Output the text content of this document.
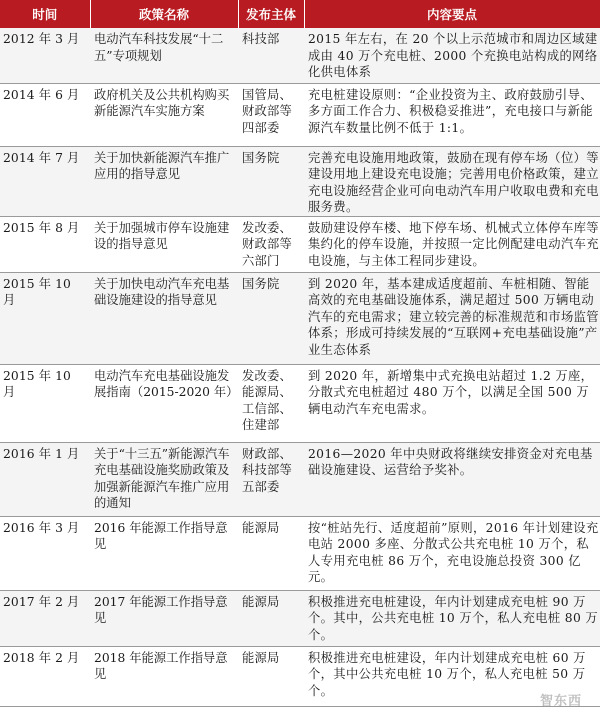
时间	政策名称	发布主体	内容要点
2012 年 3 月	电动汽车科技发展“十二五”专项规划	科技部	2015 年左右，在 20 个以上示范城市和周边区域建成由 40 万个充电桩、2000 个充换电站构成的网络化供电体系
2014 年 6 月	政府机关及公共机构购买新能源汽车实施方案	国管局、财政部等四部委	充电桩建设原则：“企业投资为主、政府鼓励引导、多方面工作合力、积极稳妥推进”，充电接口与新能源汽车数量比例不低于 1:1。
2014 年 7 月	关于加快新能源汽车推广应用的指导意见	国务院	完善充电设施用地政策，鼓励在现有停车场（位）等建设用地上建设充电设施；完善用电价格政策，建立充电设施经营企业可向电动汽车用户收取电费和充电服务费。
2015 年 8 月	关于加强城市停车设施建设的指导意见	发改委、财政部等六部门	鼓励建设停车楼、地下停车场、机械式立体停车库等集约化的停车设施，并按照一定比例配建电动汽车充电设施，与主体工程同步建设。
2015 年 10 月	关于加快电动汽车充电基础设施建设的指导意见	国务院	到 2020 年，基本建成适度超前、车桩相随、智能高效的充电基础设施体系，满足超过 500 万辆电动汽车的充电需求；建立较完善的标准规范和市场监管体系；形成可持续发展的“互联网+充电基础设施”产业生态体系
2015 年 10 月	电动汽车充电基础设施发展指南（2015-2020 年）	发改委、能源局、工信部、住建部	到 2020 年，新增集中式充换电站超过 1.2 万座，分散式充电桩超过 480 万个，以满足全国 500 万辆电动汽车充电需求。
2016 年 1 月	关于“十三五”新能源汽车充电基础设施奖励政策及加强新能源汽车推广应用的通知	财政部、科技部等五部委	2016—2020 年中央财政将继续安排资金对充电基础设施建设、运营给予奖补。
2016 年 3 月	2016 年能源工作指导意见	能源局	按“桩站先行、适度超前”原则，2016 年计划建设充电站 2000 多座、分散式公共充电桩 10 万个，私人专用充电桩 86 万个，充电设施总投资 300 亿元。
2017 年 2 月	2017 年能源工作指导意见	能源局	积极推进充电桩建设，年内计划建成充电桩 90 万个。其中，公共充电桩 10 万个，私人充电桩 80 万个。
2018 年 2 月	2018 年能源工作指导意见	能源局	积极推进充电桩建设，年内计划建成充电桩 60 万个，其中公共充电桩 10 万个，私人充电桩 50 万个。
智东西
